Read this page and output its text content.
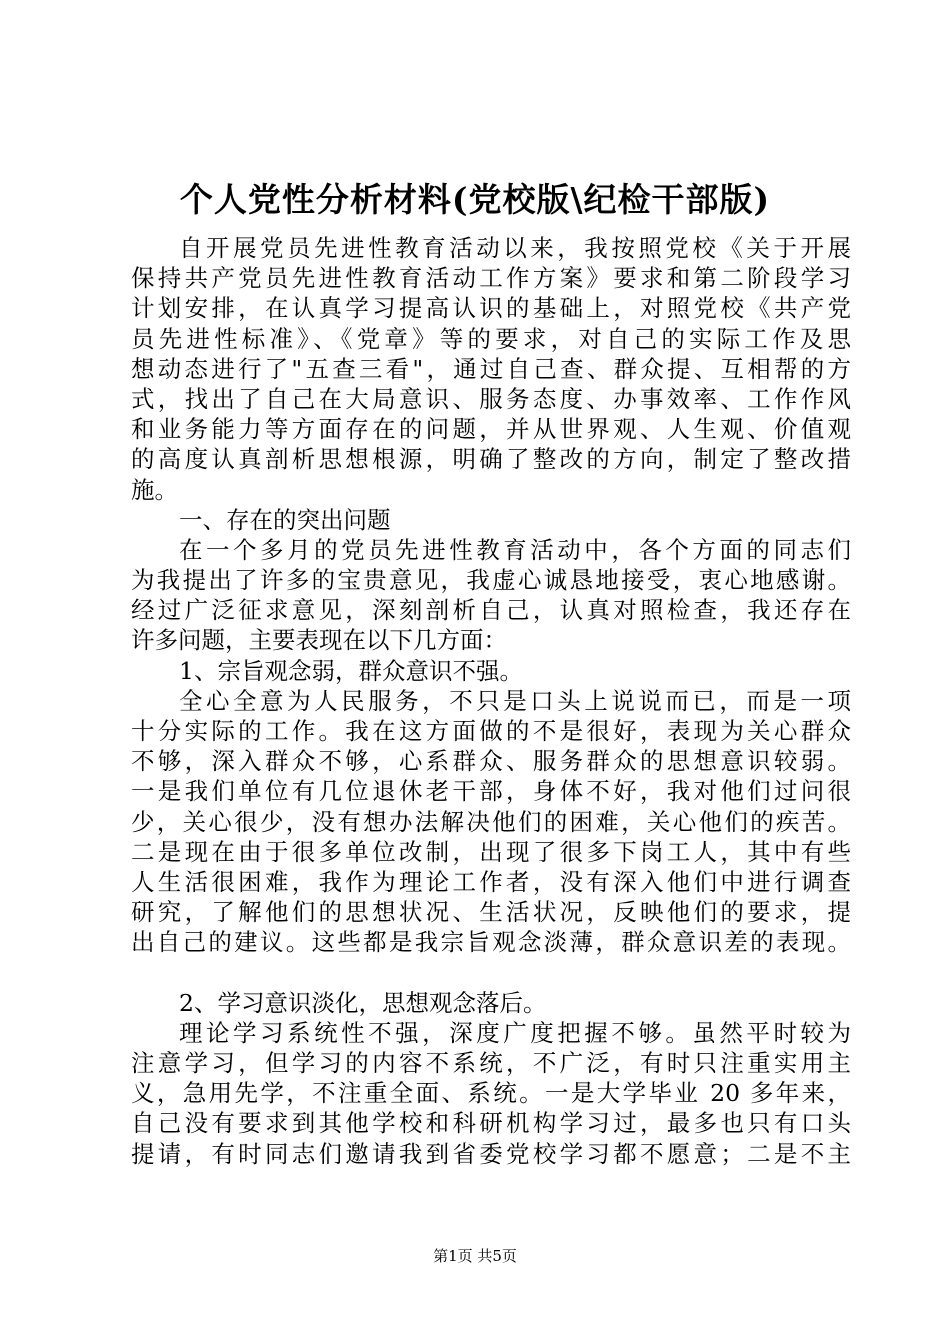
个人党性分析材料(党校版\纪检干部版)
自开展党员先进性教育活动以来，我按照党校《关于开展
保持共产党员先进性教育活动工作方案》要求和第二阶段学习
计划安排，在认真学习提高认识的基础上，对照党校《共产党
员先进性标准》、《党章》等的要求，对自己的实际工作及思
想动态进行了"五查三看"，通过自己查、群众提、互相帮的方
式，找出了自己在大局意识、服务态度、办事效率、工作作风
和业务能力等方面存在的问题，并从世界观、人生观、价值观
的高度认真剖析思想根源，明确了整改的方向，制定了整改措
施。
一、存在的突出问题
在一个多月的党员先进性教育活动中，各个方面的同志们
为我提出了许多的宝贵意见，我虚心诚恳地接受，衷心地感谢。
经过广泛征求意见，深刻剖析自己，认真对照检查，我还存在
许多问题，主要表现在以下几方面：
1、宗旨观念弱，群众意识不强。
全心全意为人民服务，不只是口头上说说而已，而是一项
十分实际的工作。我在这方面做的不是很好，表现为关心群众
不够，深入群众不够，心系群众、服务群众的思想意识较弱。
一是我们单位有几位退休老干部，身体不好，我对他们过问很
少，关心很少，没有想办法解决他们的困难，关心他们的疾苦。
二是现在由于很多单位改制，出现了很多下岗工人，其中有些
人生活很困难，我作为理论工作者，没有深入他们中进行调查
研究，了解他们的思想状况、生活状况，反映他们的要求，提
出自己的建议。这些都是我宗旨观念淡薄，群众意识差的表现。
2、学习意识淡化，思想观念落后。
理论学习系统性不强，深度广度把握不够。虽然平时较为
注意学习，但学习的内容不系统，不广泛，有时只注重实用主
义，急用先学，不注重全面、系统。一是大学毕业 20 多年来，
自己没有要求到其他学校和科研机构学习过，最多也只有口头
提请，有时同志们邀请我到省委党校学习都不愿意；二是不主
第1页 共5页
